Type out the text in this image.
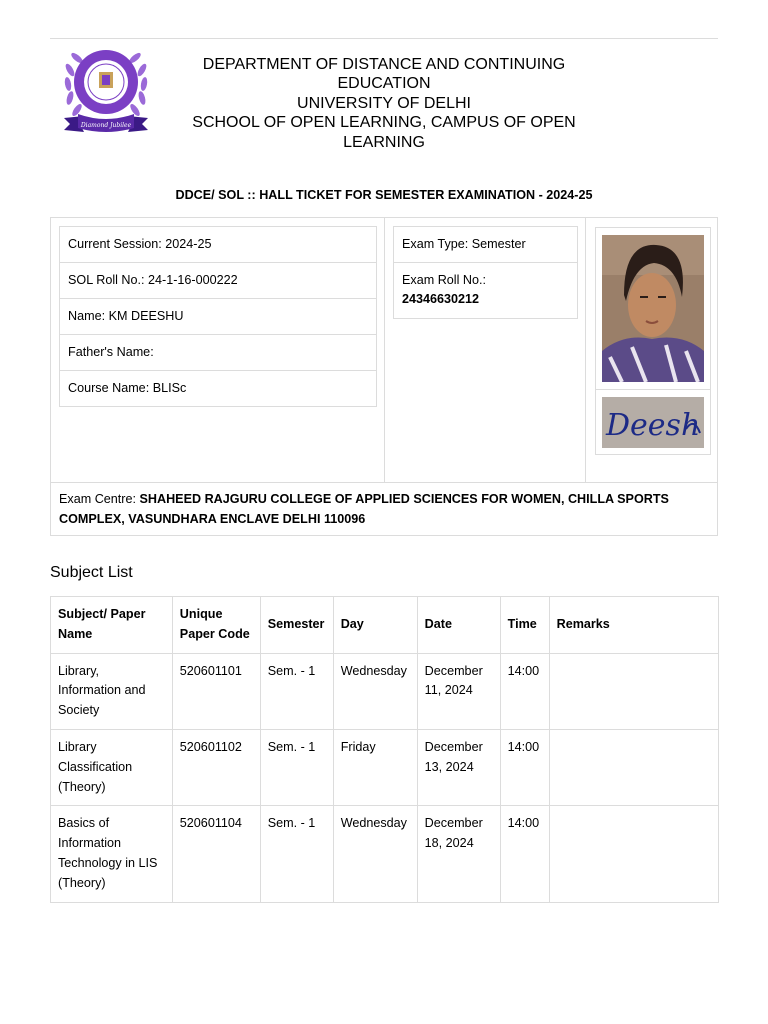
Diamond Jubilee
DEPARTMENT OF DISTANCE AND CONTINUING EDUCATION
UNIVERSITY OF DELHI
SCHOOL OF OPEN LEARNING, CAMPUS OF OPEN LEARNING
DDCE/ SOL :: HALL TICKET FOR SEMESTER EXAMINATION - 2024-25
Current Session: 2024-25
SOL Roll No.: 24-1-16-000222
Name: KM DEESHU
Father's Name:
Course Name: BLISc
Exam Type: Semester
Exam Roll No.:
24346630212
Deesh
Exam Centre: SHAHEED RAJGURU COLLEGE OF APPLIED SCIENCES FOR WOMEN, CHILLA SPORTS COMPLEX, VASUNDHARA ENCLAVE DELHI 110096
Subject List
Subject/ Paper Name	Unique Paper Code	Semester	Day	Date	Time	Remarks
Library, Information and Society	520601101	Sem. - 1	Wednesday	December 11, 2024	14:00	
Library Classification (Theory)	520601102	Sem. - 1	Friday	December 13, 2024	14:00	
Basics of Information Technology in LIS (Theory)	520601104	Sem. - 1	Wednesday	December 18, 2024	14:00	
